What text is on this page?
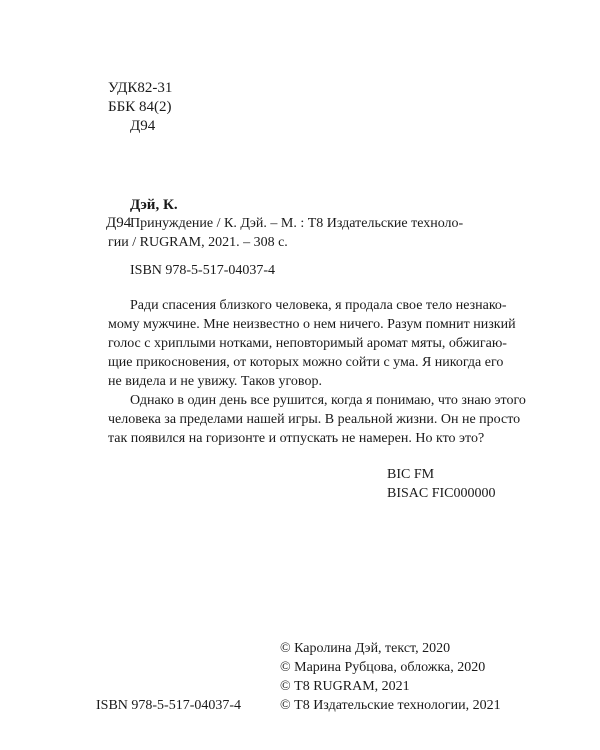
УДК82-31
ББК 84(2)
Д94
Дэй, К.
Д94
Принуждение / К. Дэй. – М. : Т8 Издательские техноло-
гии / RUGRAM, 2021. – 308 с.
ISBN 978-5-517-04037-4
Ради спасения близкого человека, я продала свое тело незнако-
мому мужчине. Мне неизвестно о нем ничего. Разум помнит низкий
голос с хриплыми нотками, неповторимый аромат мяты, обжигаю-
щие прикосновения, от которых можно сойти с ума. Я никогда его
не видела и не увижу. Таков уговор.
Однако в один день все рушится, когда я понимаю, что знаю этого
человека за пределами нашей игры. В реальной жизни. Он не просто
так появился на горизонте и отпускать не намерен. Но кто это?
BIC FM
BISAC FIC000000
© Каролина Дэй, текст, 2020
© Марина Рубцова, обложка, 2020
© Т8 RUGRAM, 2021
© Т8 Издательские технологии, 2021
ISBN 978-5-517-04037-4
